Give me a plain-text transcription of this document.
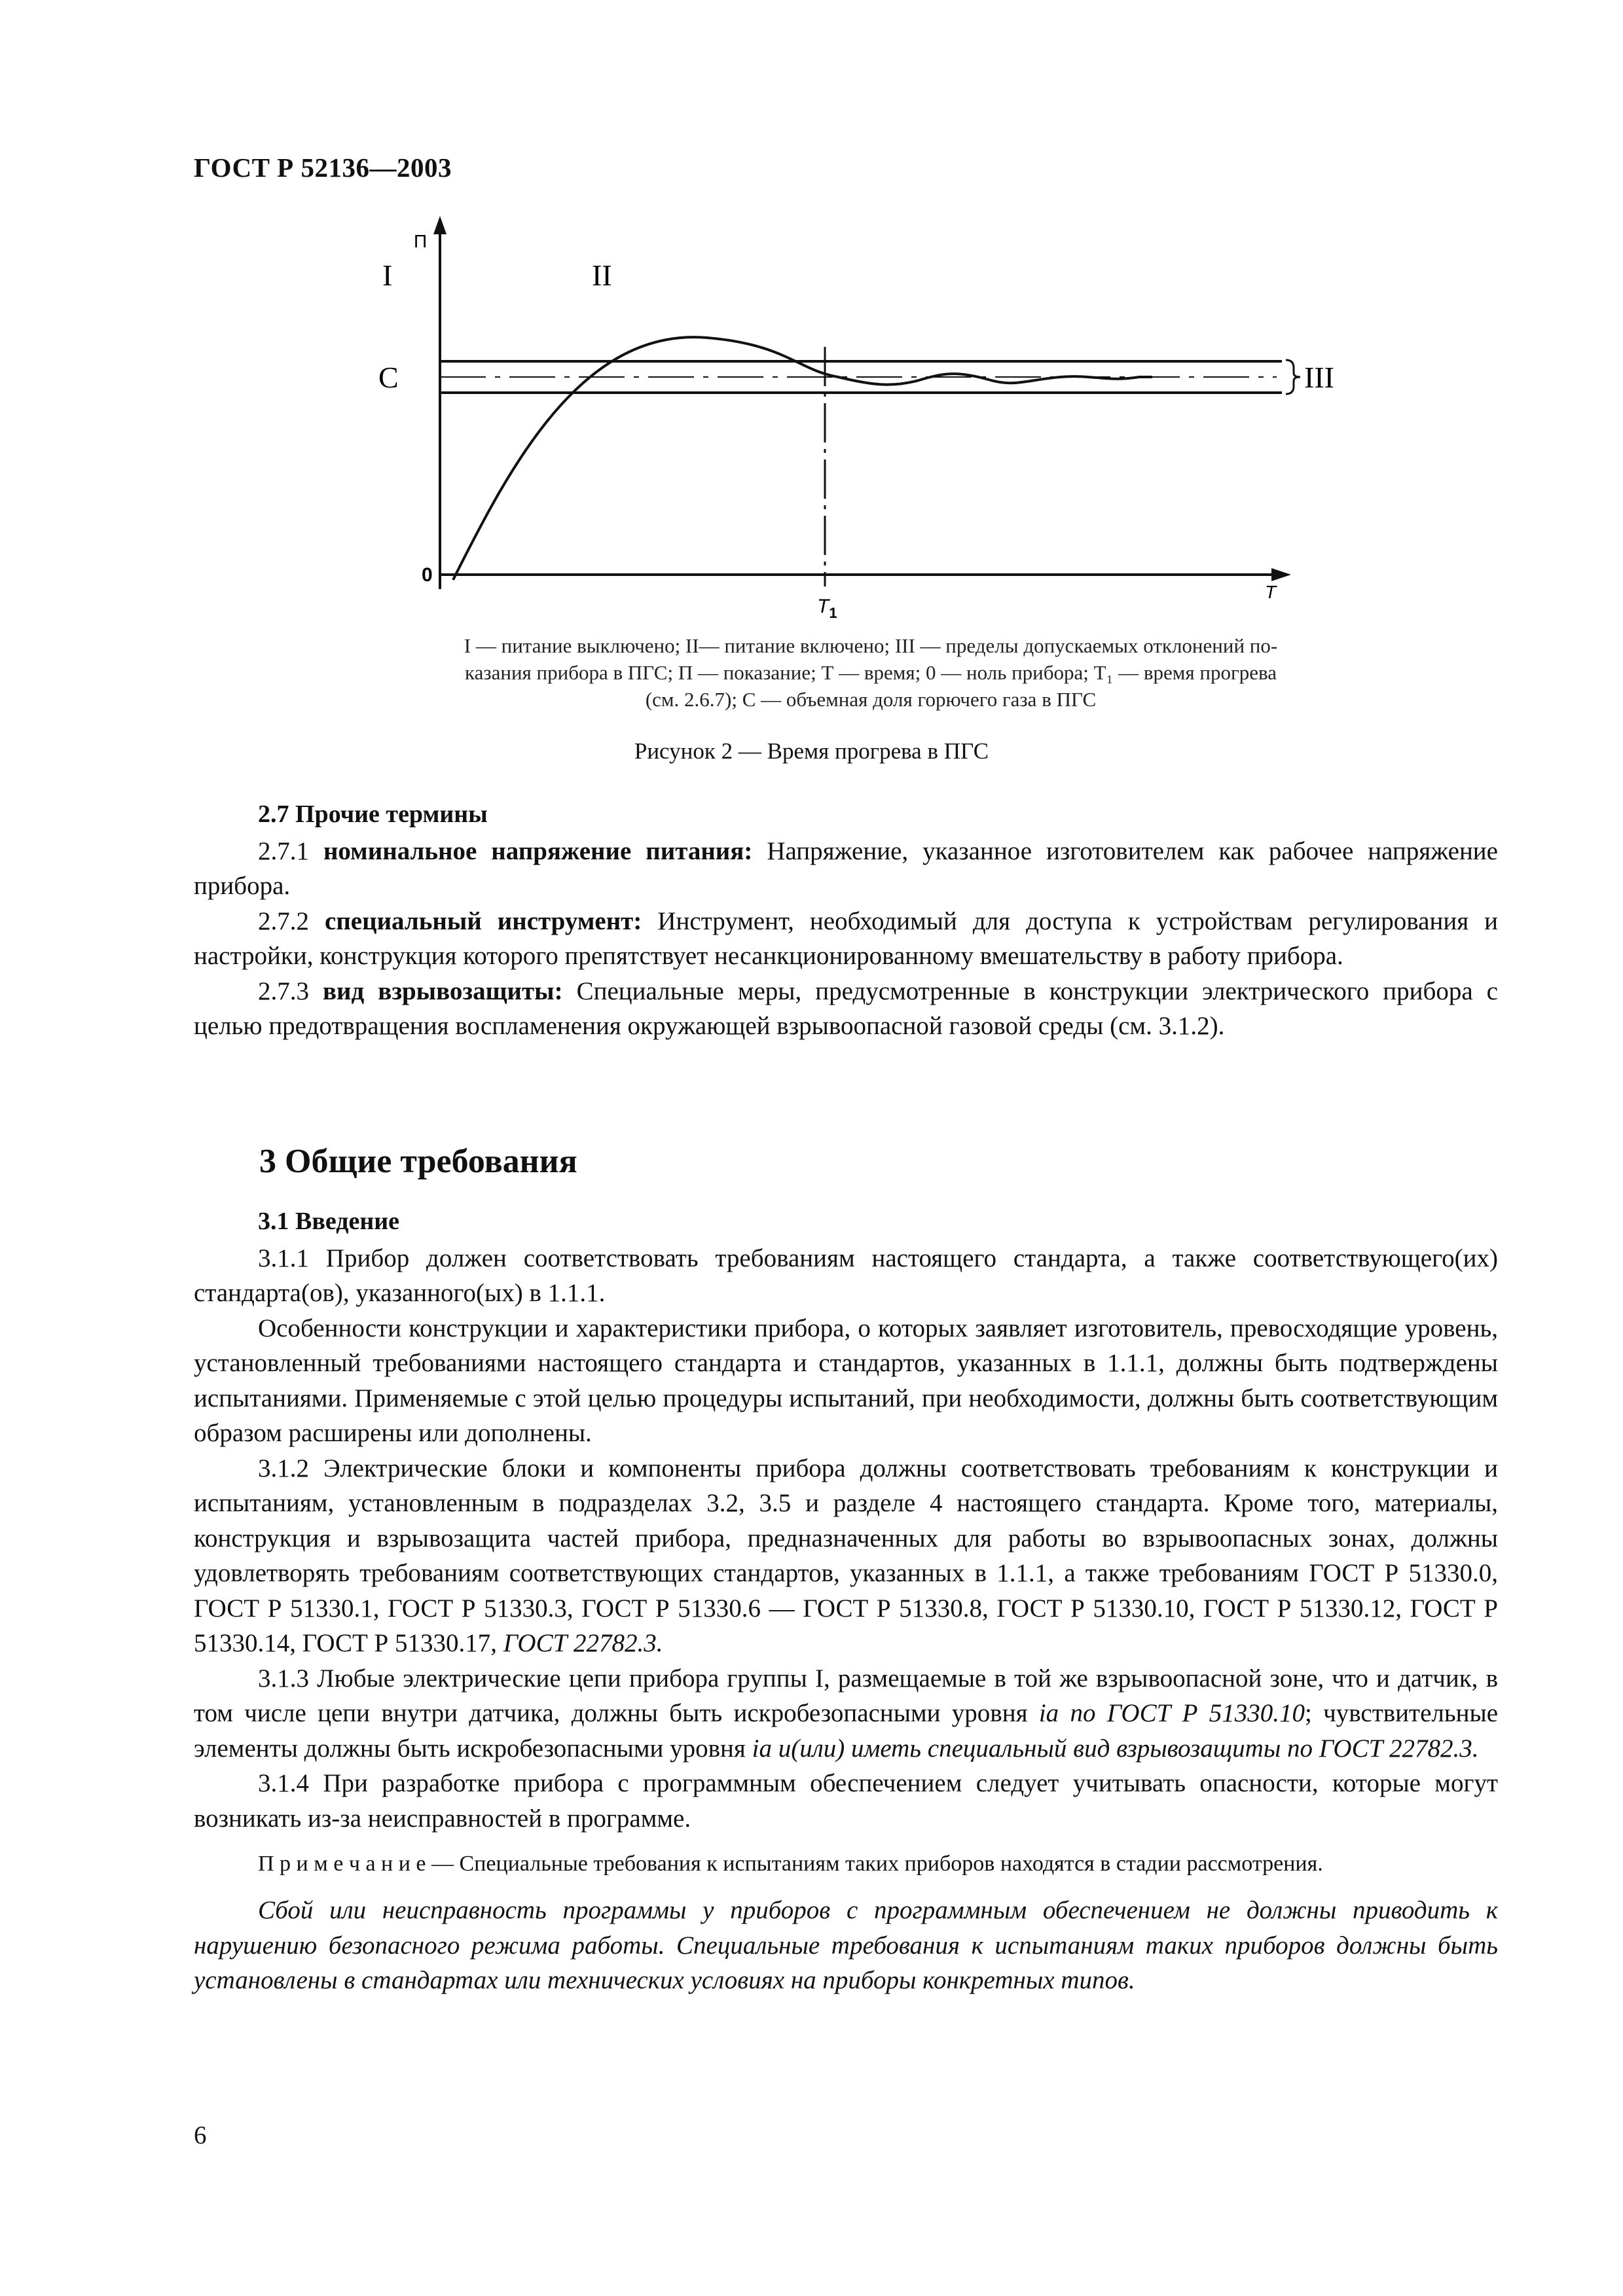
ГОСТ Р 52136—2003
I	II
П
C	III
0
$T_1$
T
I — питание выключено; II— питание включено; III — пределы допускаемых отклонений по-
казания прибора в ПГС; П — показание; Т — время; 0 — ноль прибора; Т₁ — время прогрева
(см. 2.6.7); С — объемная доля горючего газа в ПГС
Рисунок 2 — Время прогрева в ПГС

2.7 Прочие термины

2.7.1 номинальное напряжение питания: Напряжение, указанное изготовителем как рабочее напряжение прибора.

2.7.2 специальный инструмент: Инструмент, необходимый для доступа к устройствам регулирования и настройки, конструкция которого препятствует несанкционированному вмешательству в работу прибора.

2.7.3 вид взрывозащиты: Специальные меры, предусмотренные в конструкции электрического прибора с целью предотвращения воспламенения окружающей взрывоопасной газовой среды (см. 3.1.2).

3 Общие требования

3.1 Введение

3.1.1 Прибор должен соответствовать требованиям настоящего стандарта, а также соответствующего(их) стандарта(ов), указанного(ых) в 1.1.1.

Особенности конструкции и характеристики прибора, о которых заявляет изготовитель, превосходящие уровень, установленный требованиями настоящего стандарта и стандартов, указанных в 1.1.1, должны быть подтверждены испытаниями. Применяемые с этой целью процедуры испытаний, при необходимости, должны быть соответствующим образом расширены или дополнены.

3.1.2 Электрические блоки и компоненты прибора должны соответствовать требованиям к конструкции и испытаниям, установленным в подразделах 3.2, 3.5 и разделе 4 настоящего стандарта. Кроме того, материалы, конструкция и взрывозащита частей прибора, предназначенных для работы во взрывоопасных зонах, должны удовлетворять требованиям соответствующих стандартов, указанных в 1.1.1, а также требованиям ГОСТ Р 51330.0, ГОСТ Р 51330.1, ГОСТ Р 51330.3, ГОСТ Р 51330.6 — ГОСТ Р 51330.8, ГОСТ Р 51330.10, ГОСТ Р 51330.12, ГОСТ Р 51330.14, ГОСТ Р 51330.17, ГОСТ 22782.3.

3.1.3 Любые электрические цепи прибора группы I, размещаемые в той же взрывоопасной зоне, что и датчик, в том числе цепи внутри датчика, должны быть искробезопасными уровня ia по ГОСТ Р 51330.10; чувствительные элементы должны быть искробезопасными уровня ia и(или) иметь специальный вид взрывозащиты по ГОСТ 22782.3.

3.1.4 При разработке прибора с программным обеспечением следует учитывать опасности, которые могут возникать из-за неисправностей в программе.

П р и м е ч а н и е — Специальные требования к испытаниям таких приборов находятся в стадии рассмотрения.

Сбой или неисправность программы у приборов с программным обеспечением не должны приводить к нарушению безопасного режима работы. Специальные требования к испытаниям таких приборов должны быть установлены в стандартах или технических условиях на приборы конкретных типов.

6
